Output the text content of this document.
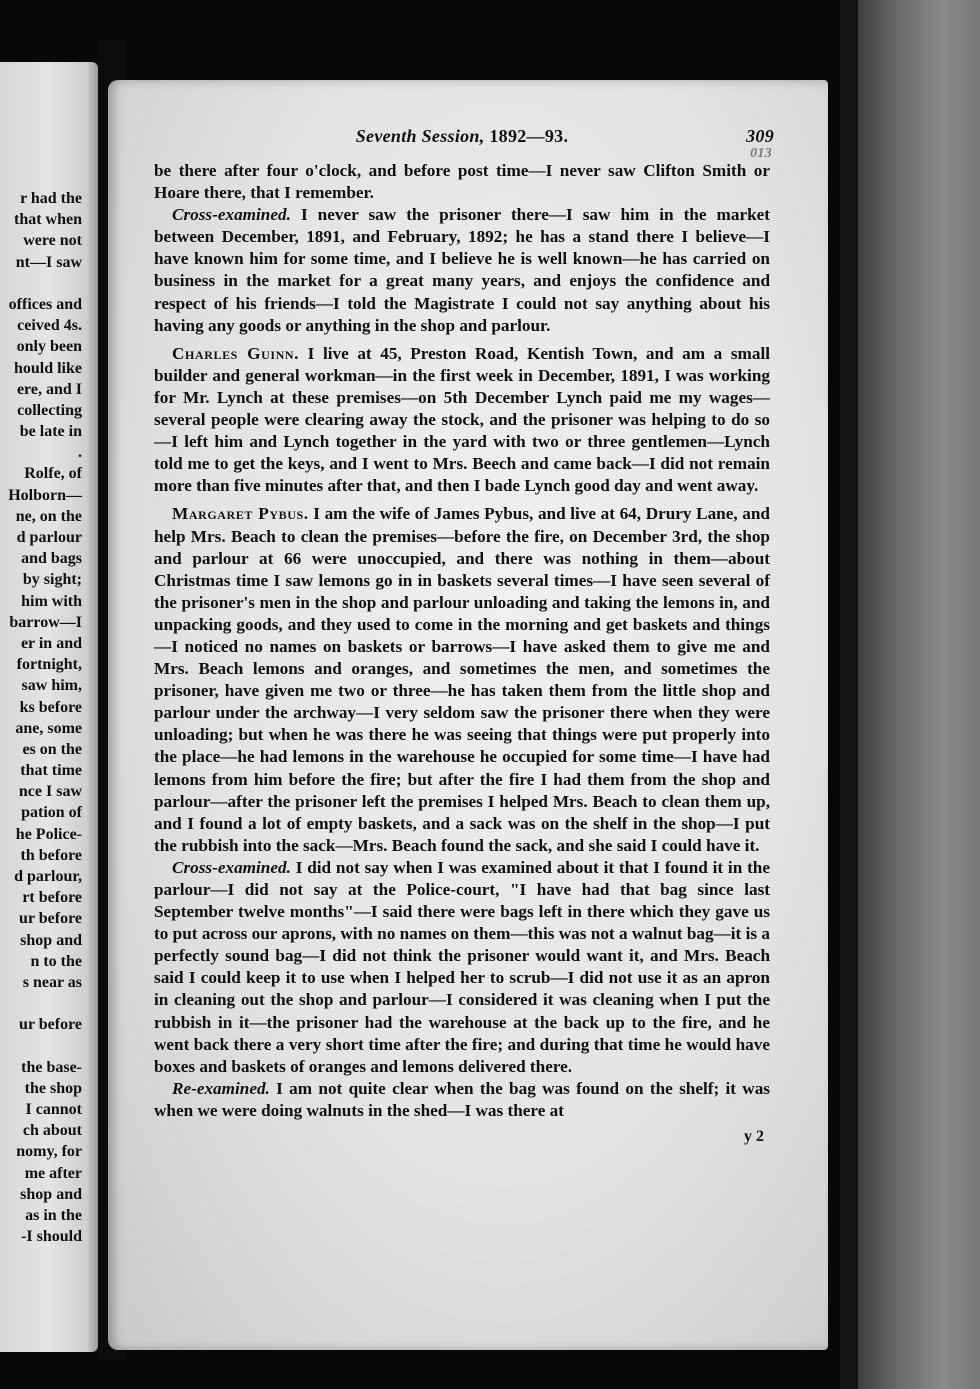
r had the
that when
were not
nt—I saw

offices and
ceived 4s.
only been
hould like
ere, and I
collecting
be late in
.
Rolfe, of
Holborn—
ne, on the
d parlour
and bags
by sight;
him with
barrow—I
er in and
fortnight,
saw him,
ks before
ane, some
es on the
that time
nce I saw
pation of
he Police-
th before
d parlour,
rt before
ur before
shop and
n to the
s near as

ur before

the base-
the shop
I cannot
ch about
nomy, for
me after
shop and
as in the
-I should
Seventh Session, 1892—93.	309
013

be there after four o'clock, and before post time—I never saw Clifton Smith or Hoare there, that I remember.

Cross-examined. I never saw the prisoner there—I saw him in the market between December, 1891, and February, 1892; he has a stand there I believe—I have known him for some time, and I believe he is well known—he has carried on business in the market for a great many years, and enjoys the confidence and respect of his friends—I told the Magistrate I could not say anything about his having any goods or anything in the shop and parlour.

Charles Guinn. I live at 45, Preston Road, Kentish Town, and am a small builder and general workman—in the first week in December, 1891, I was working for Mr. Lynch at these premises—on 5th December Lynch paid me my wages—several people were clearing away the stock, and the prisoner was helping to do so—I left him and Lynch together in the yard with two or three gentlemen—Lynch told me to get the keys, and I went to Mrs. Beech and came back—I did not remain more than five minutes after that, and then I bade Lynch good day and went away.

Margaret Pybus. I am the wife of James Pybus, and live at 64, Drury Lane, and help Mrs. Beach to clean the premises—before the fire, on December 3rd, the shop and parlour at 66 were unoccupied, and there was nothing in them—about Christmas time I saw lemons go in in baskets several times—I have seen several of the prisoner's men in the shop and parlour unloading and taking the lemons in, and unpacking goods, and they used to come in the morning and get baskets and things—I noticed no names on baskets or barrows—I have asked them to give me and Mrs. Beach lemons and oranges, and sometimes the men, and sometimes the prisoner, have given me two or three—he has taken them from the little shop and parlour under the archway—I very seldom saw the prisoner there when they were unloading; but when he was there he was seeing that things were put properly into the place—he had lemons in the warehouse he occupied for some time—I have had lemons from him before the fire; but after the fire I had them from the shop and parlour—after the prisoner left the premises I helped Mrs. Beach to clean them up, and I found a lot of empty baskets, and a sack was on the shelf in the shop—I put the rubbish into the sack—Mrs. Beach found the sack, and she said I could have it.

Cross-examined. I did not say when I was examined about it that I found it in the parlour—I did not say at the Police-court, "I have had that bag since last September twelve months"—I said there were bags left in there which they gave us to put across our aprons, with no names on them—this was not a walnut bag—it is a perfectly sound bag—I did not think the prisoner would want it, and Mrs. Beach said I could keep it to use when I helped her to scrub—I did not use it as an apron in cleaning out the shop and parlour—I considered it was cleaning when I put the rubbish in it—the prisoner had the warehouse at the back up to the fire, and he went back there a very short time after the fire; and during that time he would have boxes and baskets of oranges and lemons delivered there.

Re-examined. I am not quite clear when the bag was found on the shelf; it was when we were doing walnuts in the shed—I was there at

y 2
